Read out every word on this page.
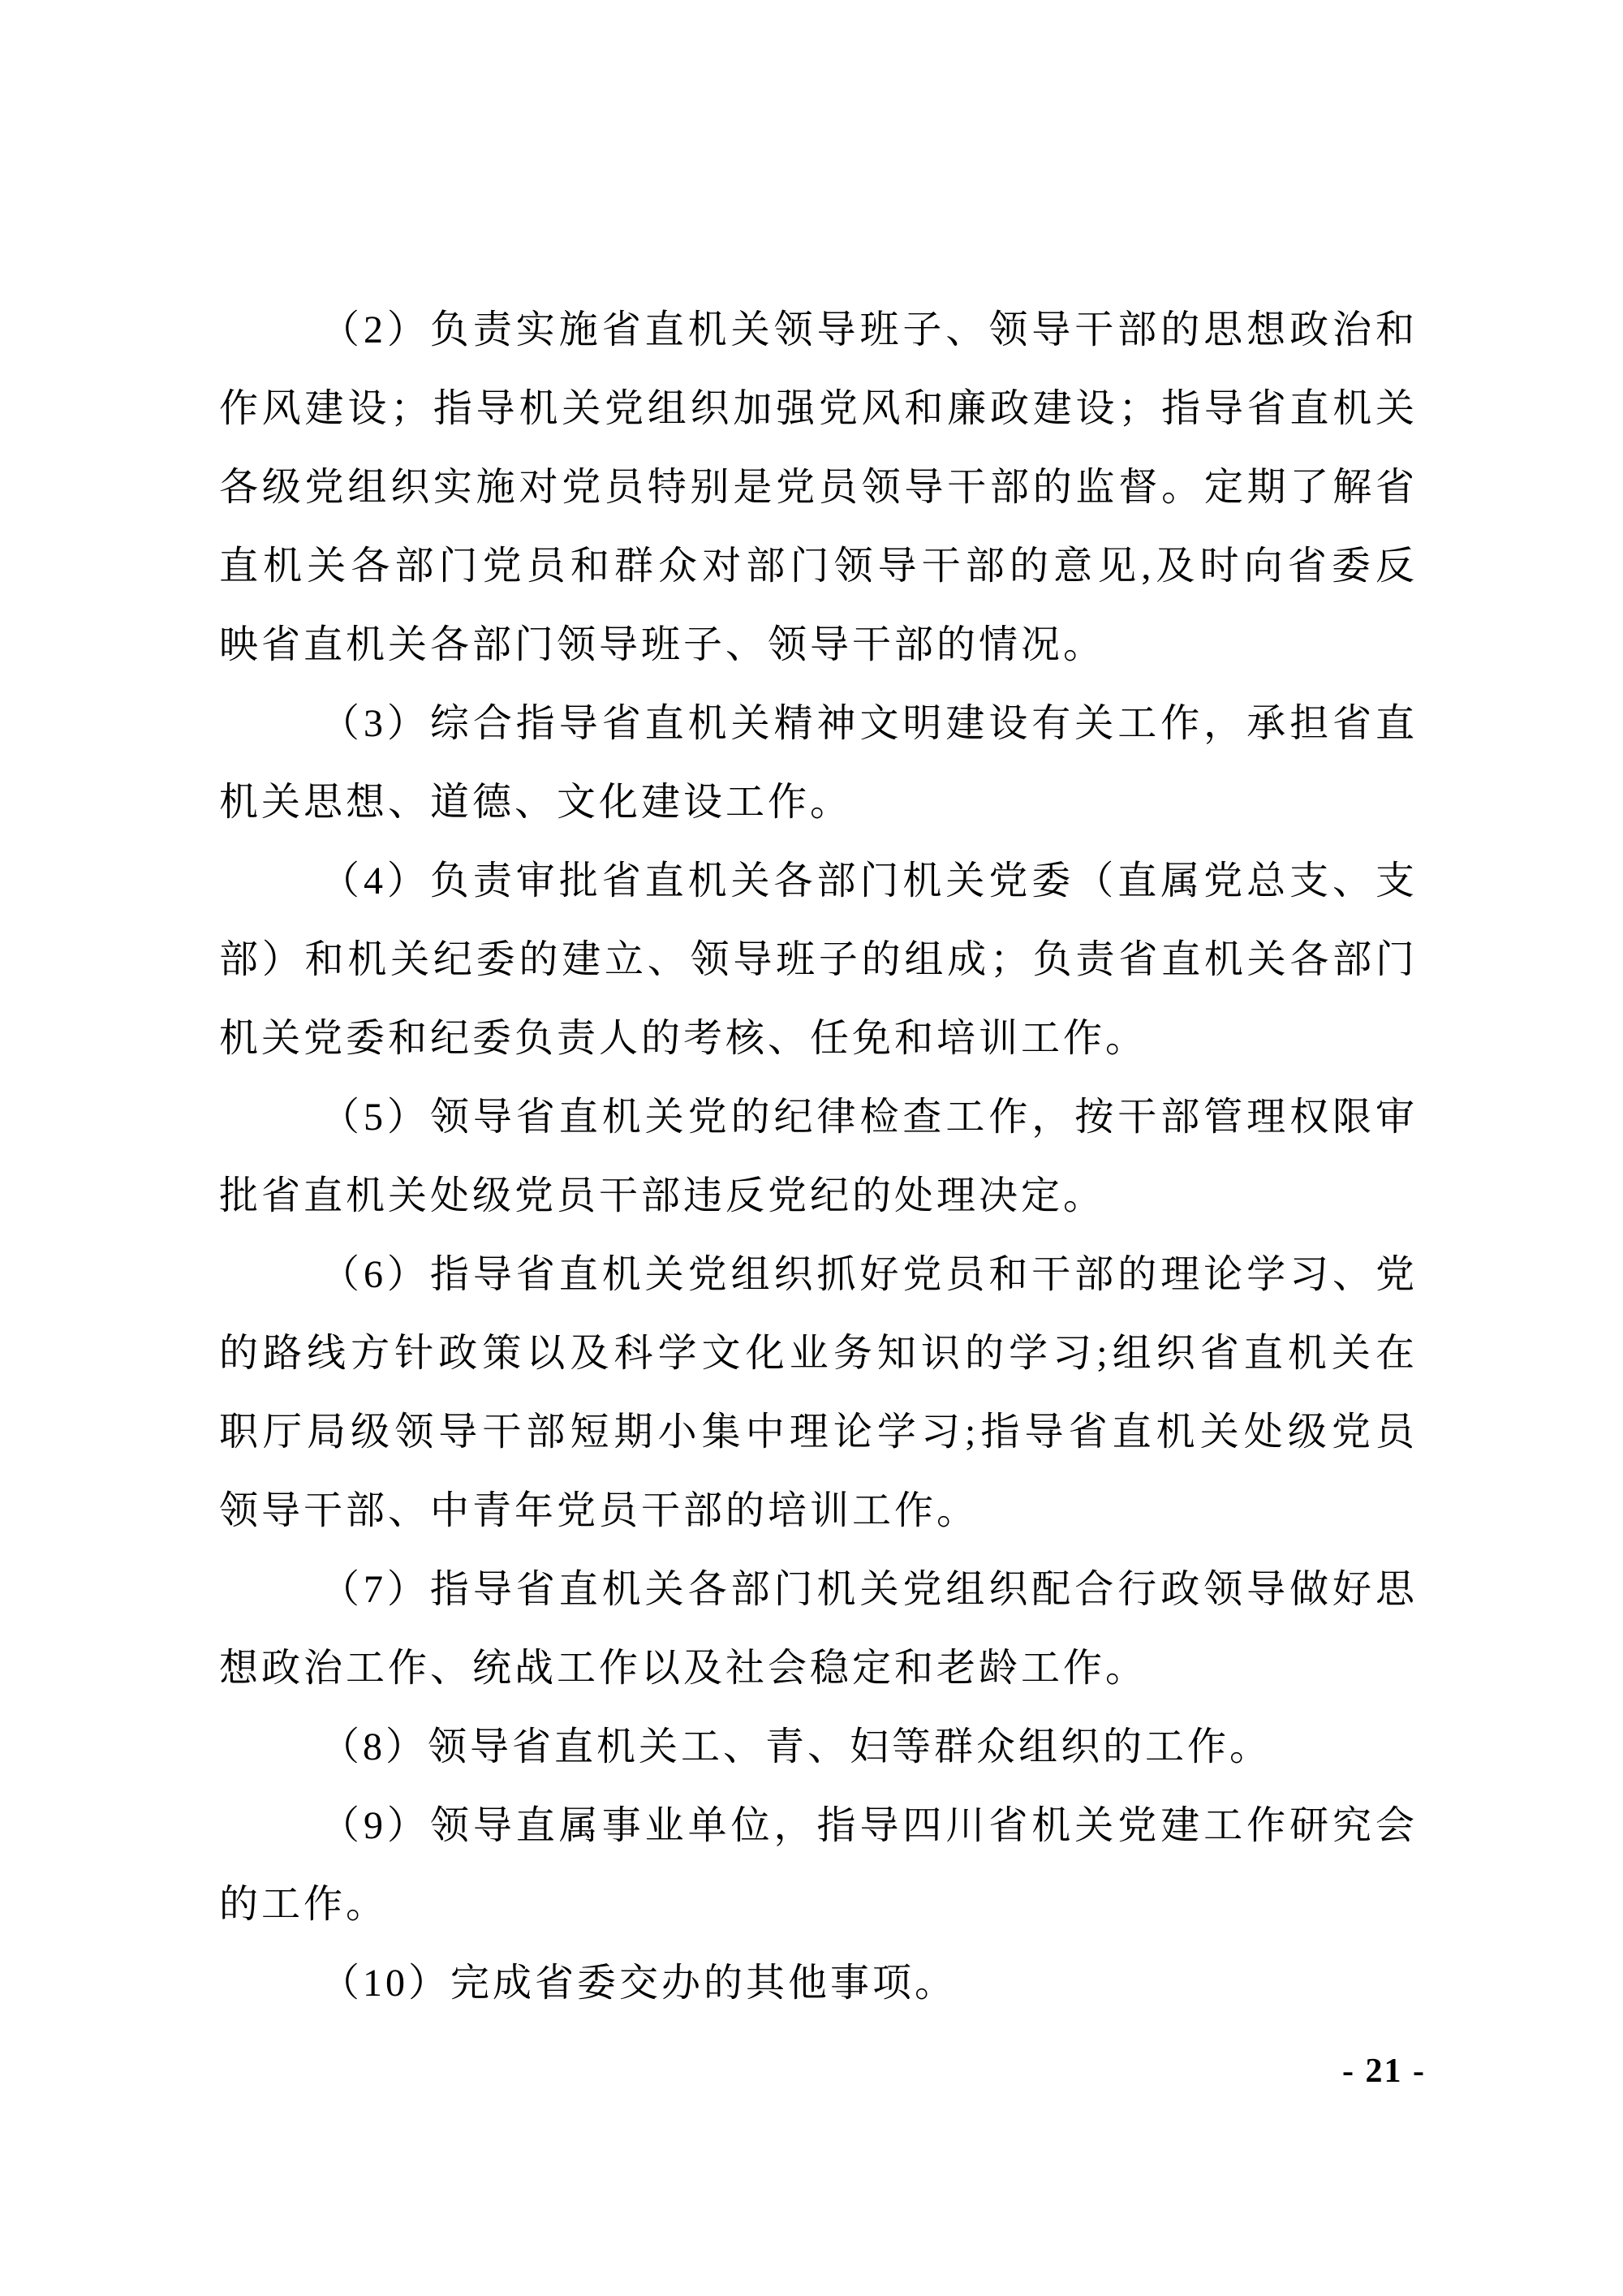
（2）负责实施省直机关领导班子、领导干部的思想政治和
作风建设；指导机关党组织加强党风和廉政建设；指导省直机关
各级党组织实施对党员特别是党员领导干部的监督。定期了解省
直机关各部门党员和群众对部门领导干部的意见,及时向省委反
映省直机关各部门领导班子、领导干部的情况。
（3）综合指导省直机关精神文明建设有关工作，承担省直
机关思想、道德、文化建设工作。
（4）负责审批省直机关各部门机关党委（直属党总支、支
部）和机关纪委的建立、领导班子的组成；负责省直机关各部门
机关党委和纪委负责人的考核、任免和培训工作。
（5）领导省直机关党的纪律检查工作，按干部管理权限审
批省直机关处级党员干部违反党纪的处理决定。
（6）指导省直机关党组织抓好党员和干部的理论学习、党
的路线方针政策以及科学文化业务知识的学习;组织省直机关在
职厅局级领导干部短期小集中理论学习;指导省直机关处级党员
领导干部、中青年党员干部的培训工作。
（7）指导省直机关各部门机关党组织配合行政领导做好思
想政治工作、统战工作以及社会稳定和老龄工作。
（8）领导省直机关工、青、妇等群众组织的工作。
（9）领导直属事业单位，指导四川省机关党建工作研究会
的工作。
（10）完成省委交办的其他事项。
- 21 -
